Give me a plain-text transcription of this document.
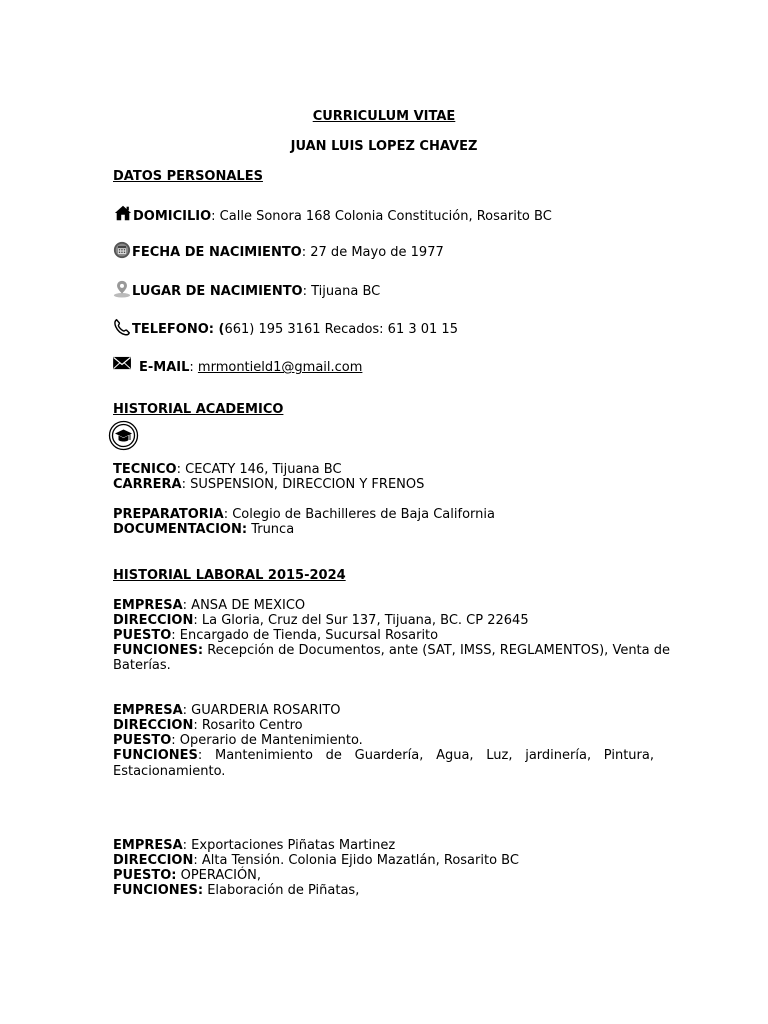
CURRICULUM VITAE
JUAN LUIS LOPEZ CHAVEZ
DATOS PERSONALES
DOMICILIO: Calle Sonora 168 Colonia Constitución, Rosarito BC
FECHA DE NACIMIENTO: 27 de Mayo de 1977
LUGAR DE NACIMIENTO: Tijuana BC
TELEFONO: (661) 195 3161 Recados: 61 3 01 15
E-MAIL: mrmontield1@gmail.com
HISTORIAL ACADEMICO
TECNICO: CECATY 146, Tijuana BC
CARRERA: SUSPENSION, DIRECCION Y FRENOS
PREPARATORIA: Colegio de Bachilleres de Baja California
DOCUMENTACION: Trunca
HISTORIAL LABORAL 2015-2024
EMPRESA: ANSA DE MEXICO
DIRECCION: La Gloria, Cruz del Sur 137, Tijuana, BC. CP 22645
PUESTO: Encargado de Tienda, Sucursal Rosarito
FUNCIONES: Recepción de Documentos, ante (SAT, IMSS, REGLAMENTOS), Venta de
Baterías.
EMPRESA: GUARDERIA ROSARITO
DIRECCION: Rosarito Centro
PUESTO: Operario de Mantenimiento.
FUNCIONES: Mantenimiento de Guardería, Agua, Luz, jardinería, Pintura,
Estacionamiento.
EMPRESA: Exportaciones Piñatas Martinez
DIRECCION: Alta Tensión. Colonia Ejido Mazatlán, Rosarito BC
PUESTO: OPERACIÓN,
FUNCIONES: Elaboración de Piñatas,
